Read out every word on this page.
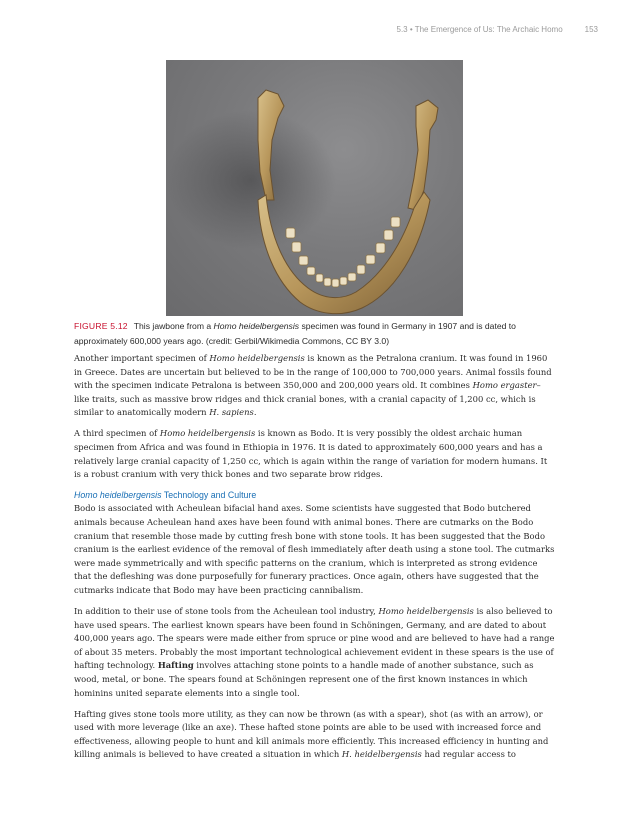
5.3 • The Emergence of Us: The Archaic Homo	153
FIGURE 5.12 This jawbone from a Homo heidelbergensis specimen was found in Germany in 1907 and is dated to approximately 600,000 years ago. (credit: Gerbil/Wikimedia Commons, CC BY 3.0)

Another important specimen of Homo heidelbergensis is known as the Petralona cranium. It was found in 1960 in Greece. Dates are uncertain but believed to be in the range of 100,000 to 700,000 years. Animal fossils found with the specimen indicate Petralona is between 350,000 and 200,000 years old. It combines Homo ergaster–like traits, such as massive brow ridges and thick cranial bones, with a cranial capacity of 1,200 cc, which is similar to anatomically modern H. sapiens.

A third specimen of Homo heidelbergensis is known as Bodo. It is very possibly the oldest archaic human specimen from Africa and was found in Ethiopia in 1976. It is dated to approximately 600,000 years and has a relatively large cranial capacity of 1,250 cc, which is again within the range of variation for modern humans. It is a robust cranium with very thick bones and two separate brow ridges.

Homo heidelbergensis Technology and Culture

Bodo is associated with Acheulean bifacial hand axes. Some scientists have suggested that Bodo butchered animals because Acheulean hand axes have been found with animal bones. There are cutmarks on the Bodo cranium that resemble those made by cutting fresh bone with stone tools. It has been suggested that the Bodo cranium is the earliest evidence of the removal of flesh immediately after death using a stone tool. The cutmarks were made symmetrically and with specific patterns on the cranium, which is interpreted as strong evidence that the defleshing was done purposefully for funerary practices. Once again, others have suggested that the cutmarks indicate that Bodo may have been practicing cannibalism.

In addition to their use of stone tools from the Acheulean tool industry, Homo heidelbergensis is also believed to have used spears. The earliest known spears have been found in Schöningen, Germany, and are dated to about 400,000 years ago. The spears were made either from spruce or pine wood and are believed to have had a range of about 35 meters. Probably the most important technological achievement evident in these spears is the use of hafting technology. Hafting involves attaching stone points to a handle made of another substance, such as wood, metal, or bone. The spears found at Schöningen represent one of the first known instances in which hominins united separate elements into a single tool.

Hafting gives stone tools more utility, as they can now be thrown (as with a spear), shot (as with an arrow), or used with more leverage (like an axe). These hafted stone points are able to be used with increased force and effectiveness, allowing people to hunt and kill animals more efficiently. This increased efficiency in hunting and killing animals is believed to have created a situation in which H. heidelbergensis had regular access to
